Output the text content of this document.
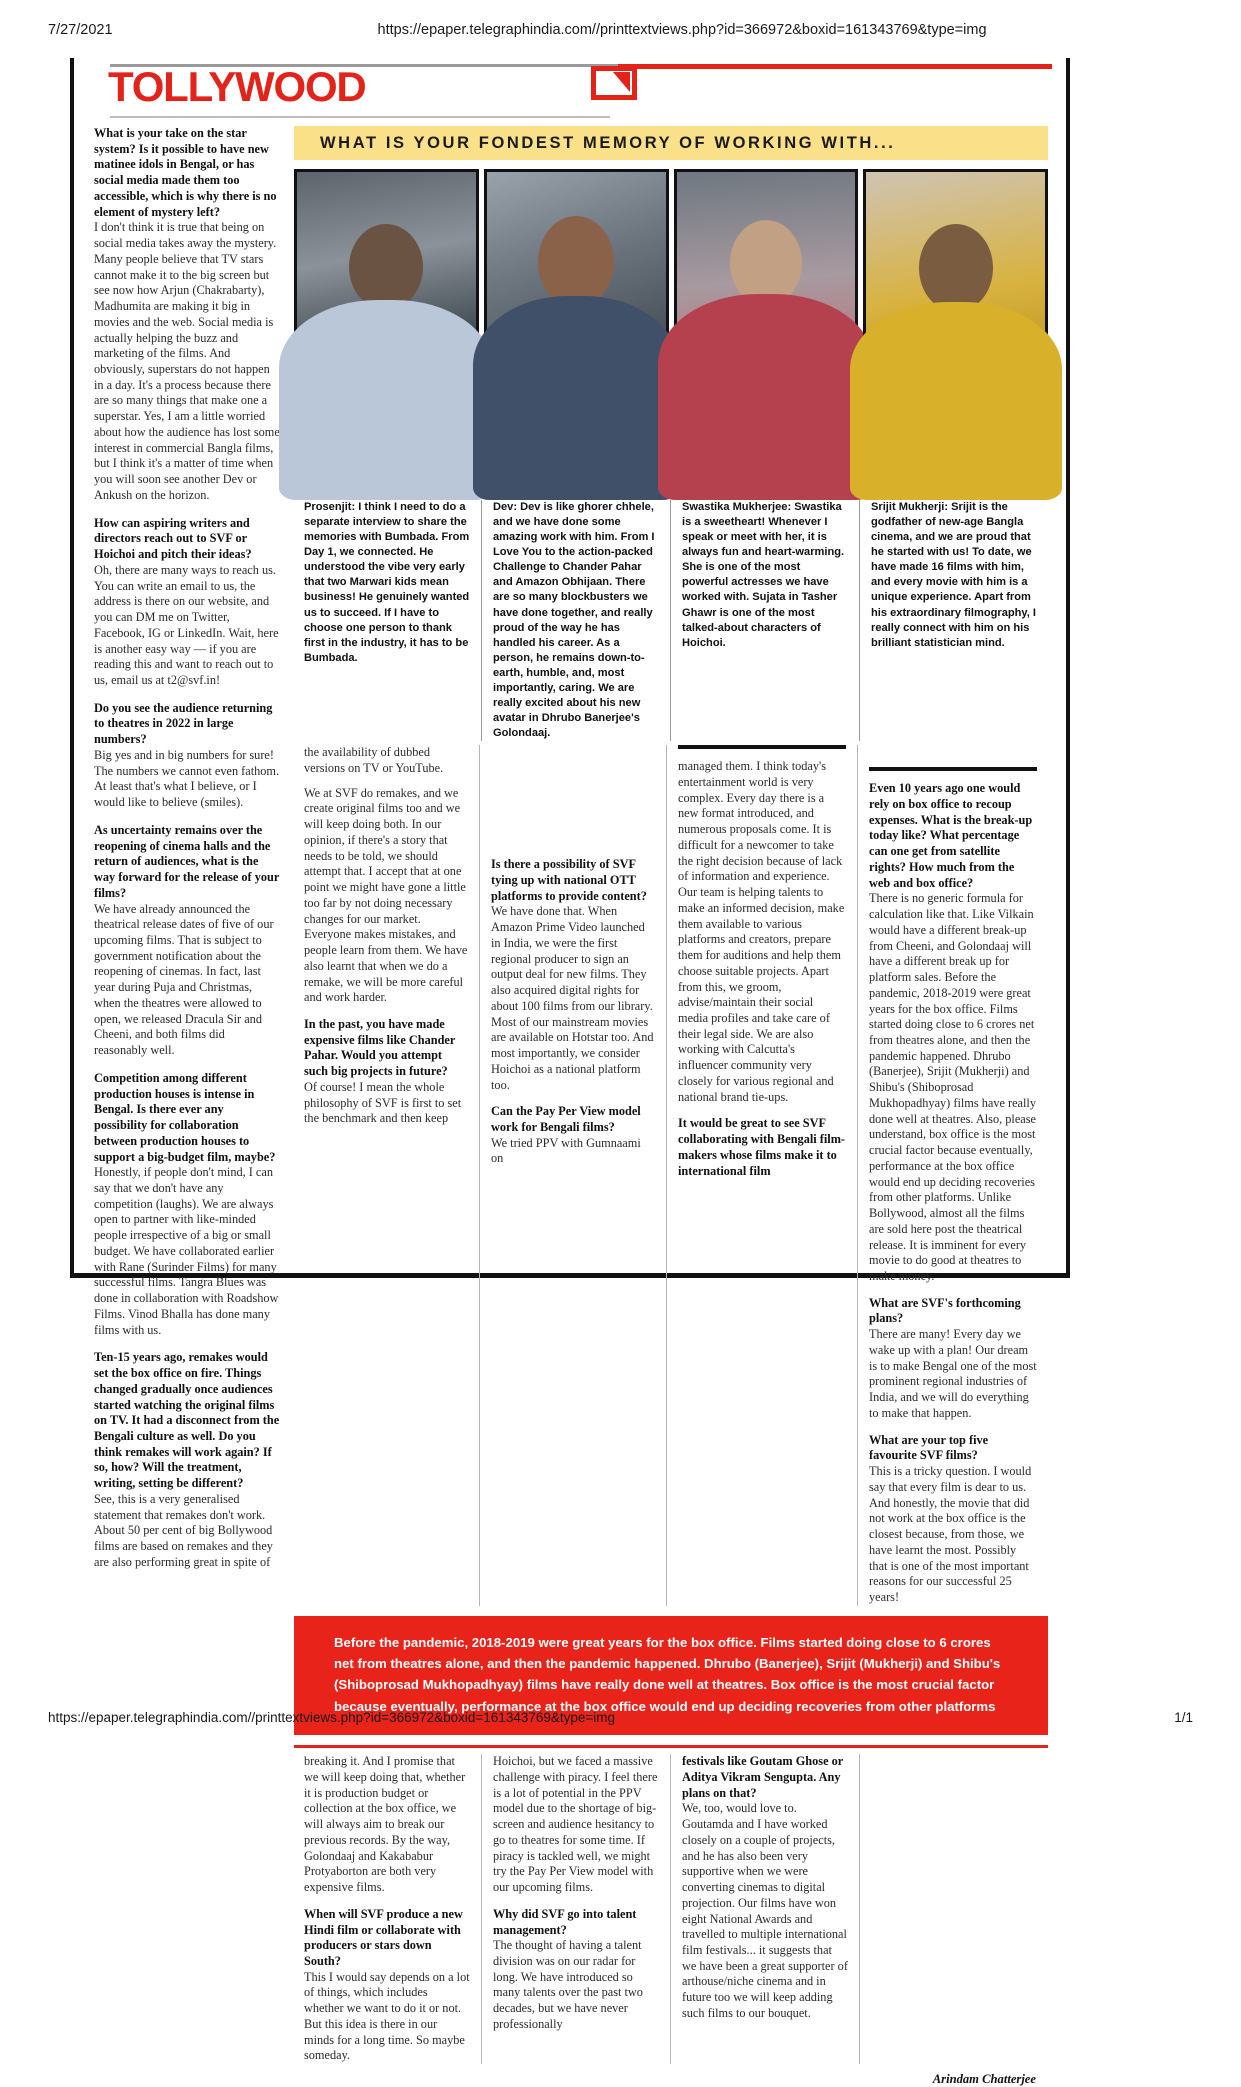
7/27/2021	https://epaper.telegraphindia.com//printtextviews.php?id=366972&boxid=161343769&type=img
TOLLYWOOD
What is your take on the star system? Is it possible to have new matinee idols in Bengal, or has social media made them too accessible, which is why there is no element of mystery left?
I don't think it is true that being on social media takes away the mystery. Many people believe that TV stars cannot make it to the big screen but see now how Arjun (Chakrabarty), Madhumita are making it big in movies and the web. Social media is actually helping the buzz and marketing of the films. And obviously, superstars do not happen in a day. It's a process because there are so many things that make one a superstar. Yes, I am a little worried about how the audience has lost some interest in commercial Bangla films, but I think it's a matter of time when you will soon see another Dev or Ankush on the horizon.
How can aspiring writers and directors reach out to SVF or Hoichoi and pitch their ideas?
Oh, there are many ways to reach us. You can write an email to us, the address is there on our website, and you can DM me on Twitter, Facebook, IG or LinkedIn. Wait, here is another easy way — if you are reading this and want to reach out to us, email us at t2@svf.in!
Do you see the audience returning to theatres in 2022 in large numbers?
Big yes and in big numbers for sure! The numbers we cannot even fathom. At least that's what I believe, or I would like to believe (smiles).
As uncertainty remains over the reopening of cinema halls and the return of audiences, what is the way forward for the release of your films?
We have already announced the theatrical release dates of five of our upcoming films. That is subject to government notification about the reopening of cinemas. In fact, last year during Puja and Christmas, when the theatres were allowed to open, we released Dracula Sir and Cheeni, and both films did reasonably well.
Competition among different production houses is intense in Bengal. Is there ever any possibility for collaboration between production houses to support a big-budget film, maybe?
Honestly, if people don't mind, I can say that we don't have any competition (laughs). We are always open to partner with like-minded people irrespective of a big or small budget. We have collaborated earlier with Rane (Surinder Films) for many successful films. Tangra Blues was done in collaboration with Roadshow Films. Vinod Bhalla has done many films with us.
Ten-15 years ago, remakes would set the box office on fire. Things changed gradually once audiences started watching the original films on TV. It had a disconnect from the Bengali culture as well. Do you think remakes will work again? If so, how? Will the treatment, writing, setting be different?
See, this is a very generalised statement that remakes don't work. About 50 per cent of big Bollywood films are based on remakes and they are also performing great in spite of
WHAT IS YOUR FONDEST MEMORY OF WORKING WITH...
Prosenjit: I think I need to do a separate interview to share the memories with Bumbada. From Day 1, we connected. He understood the vibe very early that two Marwari kids mean business! He genuinely wanted us to succeed. If I have to choose one person to thank first in the industry, it has to be Bumbada.
Dev: Dev is like ghorer chhele, and we have done some amazing work with him. From I Love You to the action-packed Challenge to Chander Pahar and Amazon Obhijaan. There are so many blockbusters we have done together, and really proud of the way he has handled his career. As a person, he remains down-to-earth, humble, and, most importantly, caring. We are really excited about his new avatar in Dhrubo Banerjee's Golondaaj.
Swastika Mukherjee: Swastika is a sweetheart! Whenever I speak or meet with her, it is always fun and heart-warming. She is one of the most powerful actresses we have worked with. Sujata in Tasher Ghawr is one of the most talked-about characters of Hoichoi.
Srijit Mukherji: Srijit is the godfather of new-age Bangla cinema, and we are proud that he started with us! To date, we have made 16 films with him, and every movie with him is a unique experience. Apart from his extraordinary filmography, I really connect with him on his brilliant statistician mind.
the availability of dubbed versions on TV or YouTube.
We at SVF do remakes, and we create original films too and we will keep doing both. In our opinion, if there's a story that needs to be told, we should attempt that. I accept that at one point we might have gone a little too far by not doing necessary changes for our market. Everyone makes mistakes, and people learn from them. We have also learnt that when we do a remake, we will be more careful and work harder.
In the past, you have made expensive films like Chander Pahar. Would you attempt such big projects in future?
Of course! I mean the whole philosophy of SVF is first to set the benchmark and then keep
Is there a possibility of SVF tying up with national OTT platforms to provide content?
We have done that. When Amazon Prime Video launched in India, we were the first regional producer to sign an output deal for new films. They also acquired digital rights for about 100 films from our library. Most of our mainstream movies are available on Hotstar too. And most importantly, we consider Hoichoi as a national platform too.
Can the Pay Per View model work for Bengali films?
We tried PPV with Gumnaami on
managed them. I think today's entertainment world is very complex. Every day there is a new format introduced, and numerous proposals come. It is difficult for a newcomer to take the right decision because of lack of information and experience. Our team is helping talents to make an informed decision, make them available to various platforms and creators, prepare them for auditions and help them choose suitable projects. Apart from this, we groom, advise/maintain their social media profiles and take care of their legal side. We are also working with Calcutta's influencer community very closely for various regional and national brand tie-ups.
It would be great to see SVF collaborating with Bengali film-makers whose films make it to international film
Even 10 years ago one would rely on box office to recoup expenses. What is the break-up today like? What percentage can one get from satellite rights? How much from the web and box office?
There is no generic formula for calculation like that. Like Vilkain would have a different break-up from Cheeni, and Golondaaj will have a different break up for platform sales. Before the pandemic, 2018-2019 were great years for the box office. Films started doing close to 6 crores net from theatres alone, and then the pandemic happened. Dhrubo (Banerjee), Srijit (Mukherji) and Shibu's (Shiboprosad Mukhopadhyay) films have really done well at theatres. Also, please understand, box office is the most crucial factor because eventually, performance at the box office would end up deciding recoveries from other platforms. Unlike Bollywood, almost all the films are sold here post the theatrical release. It is imminent for every movie to do good at theatres to make money.
What are SVF's forthcoming plans?
There are many! Every day we wake up with a plan! Our dream is to make Bengal one of the most prominent regional industries of India, and we will do everything to make that happen.
What are your top five favourite SVF films?
This is a tricky question. I would say that every film is dear to us. And honestly, the movie that did not work at the box office is the closest because, from those, we have learnt the most. Possibly that is one of the most important reasons for our successful 25 years!
Before the pandemic, 2018-2019 were great years for the box office. Films started doing close to 6 crores net from theatres alone, and then the pandemic happened. Dhrubo (Banerjee), Srijit (Mukherji) and Shibu's (Shiboprosad Mukhopadhyay) films have really done well at theatres. Box office is the most crucial factor because eventually, performance at the box office would end up deciding recoveries from other platforms
breaking it. And I promise that we will keep doing that, whether it is production budget or collection at the box office, we will always aim to break our previous records. By the way, Golondaaj and Kakababur Protyaborton are both very expensive films.
When will SVF produce a new Hindi film or collaborate with producers or stars down South?
This I would say depends on a lot of things, which includes whether we want to do it or not. But this idea is there in our minds for a long time. So maybe someday.
Hoichoi, but we faced a massive challenge with piracy. I feel there is a lot of potential in the PPV model due to the shortage of big-screen and audience hesitancy to go to theatres for some time. If piracy is tackled well, we might try the Pay Per View model with our upcoming films.
Why did SVF go into talent management?
The thought of having a talent division was on our radar for long. We have introduced so many talents over the past two decades, but we have never professionally
festivals like Goutam Ghose or Aditya Vikram Sengupta. Any plans on that?
We, too, would love to. Goutamda and I have worked closely on a couple of projects, and he has also been very supportive when we were converting cinemas to digital projection. Our films have won eight National Awards and travelled to multiple international film festivals... it suggests that we have been a great supporter of arthouse/niche cinema and in future too we will keep adding such films to our bouquet.
Arindam Chatterjee
https://epaper.telegraphindia.com//printtextviews.php?id=366972&boxid=161343769&type=img	1/1
